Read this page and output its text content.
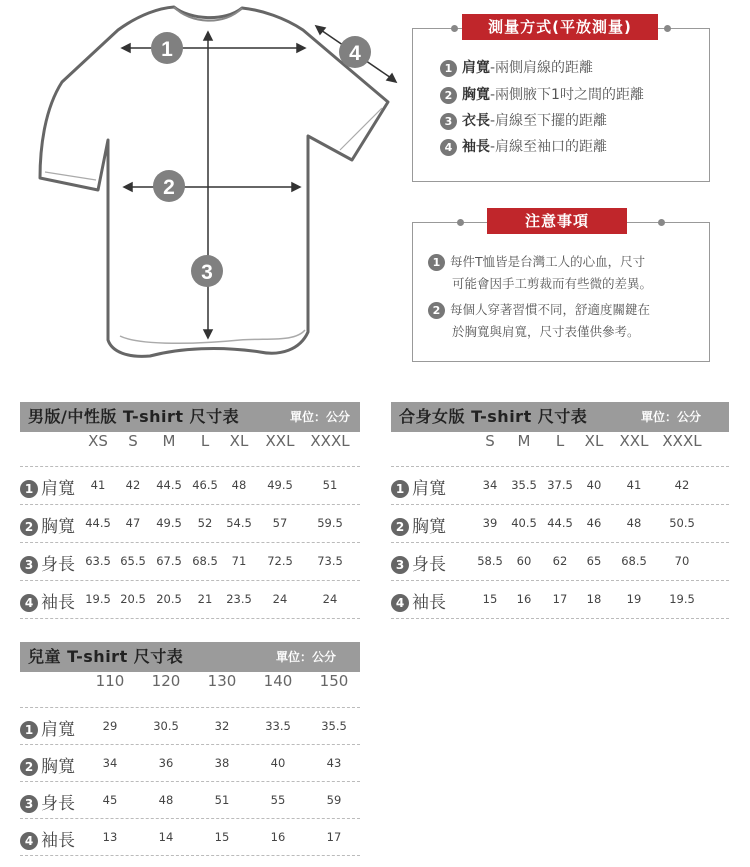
1
2
3
4
測量方式(平放測量)
1 肩寬-兩側肩線的距離
2 胸寬-兩側腋下1吋之間的距離
3 衣長-肩線至下擺的距離
4 袖長-肩線至袖口的距離
注意事項
1 每件T恤皆是台灣工人的心血，尺寸
可能會因手工剪裁而有些微的差異。
2 每個人穿著習慣不同，舒適度關鍵在
於胸寬與肩寬，尺寸表僅供參考。
男版/中性版 T-shirt 尺寸表	單位：公分
XS	S	M	L	XL	XXL	XXXL
1 肩寬	41	42	44.5 46.5	48	49.5	51
2 胸寬 44.5	47	49.5	52	54.5	57	59.5
3 身長 63.5 65.5 67.5 68.5	71	72.5	73.5
4 袖長 19.5 20.5 20.5	21	23.5	24	24
合身女版 T-shirt 尺寸表	單位：公分
S	M	L	XL	XXL XXXL
1 肩寬	34	35.5 37.5	40	41	42
2 胸寬	39	40.5 44.5	46	48	50.5
3 身長	58.5	60	62	65	68.5	70
4 袖長	15	16	17	18	19	19.5
兒童 T-shirt 尺寸表	單位：公分
110	120	130	140	150
1 肩寬	29	30.5	32	33.5	35.5
2 胸寬	34	36	38	40	43
3 身長	45	48	51	55	59
4 袖長	13	14	15	16	17
